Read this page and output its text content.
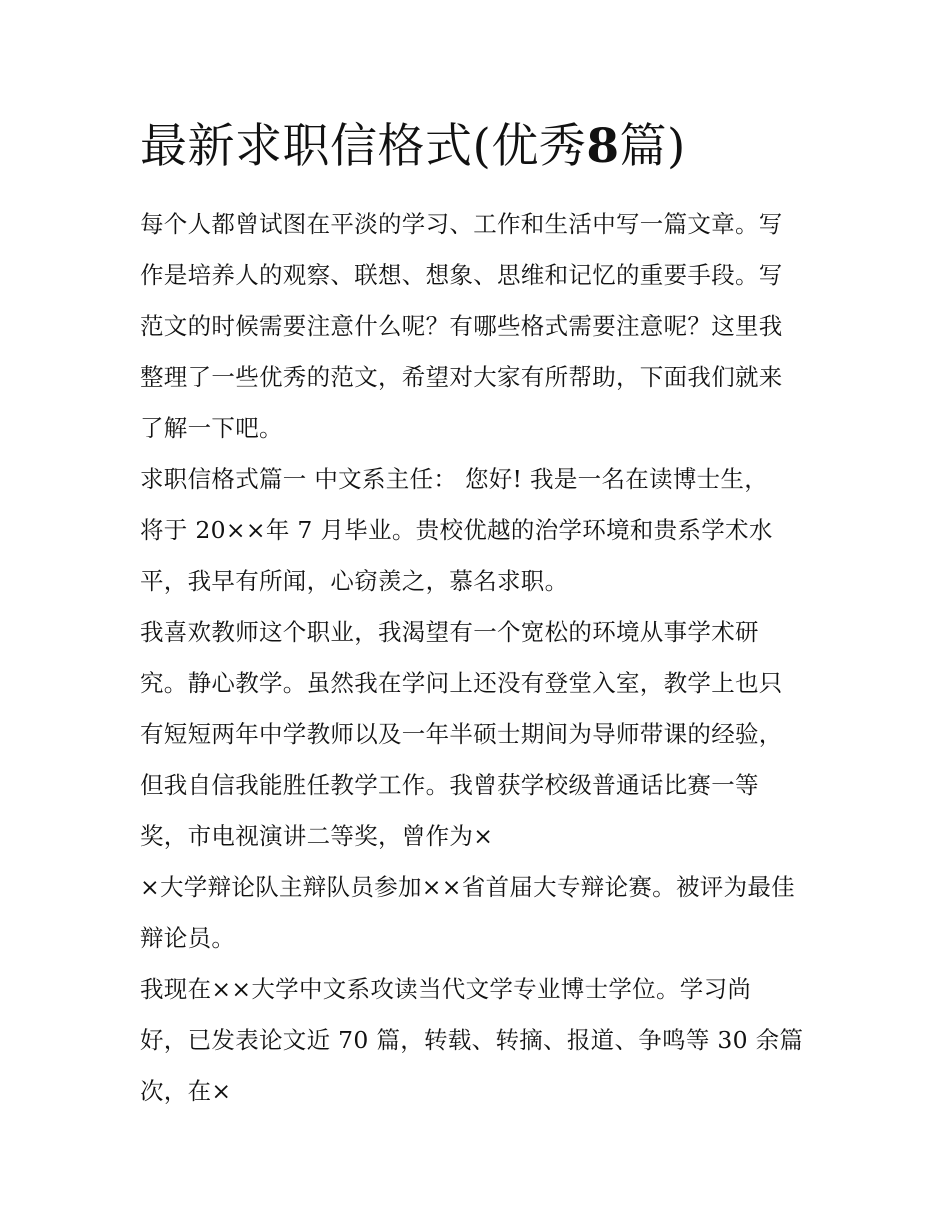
最新求职信格式(优秀8篇)
每个人都曾试图在平淡的学习、工作和生活中写一篇文章。写
作是培养人的观察、联想、想象、思维和记忆的重要手段。写
范文的时候需要注意什么呢？有哪些格式需要注意呢？这里我
整理了一些优秀的范文，希望对大家有所帮助，下面我们就来
了解一下吧。
求职信格式篇一 中文系主任： 您好! 我是一名在读博士生，
将于 20××年 7 月毕业。贵校优越的治学环境和贵系学术水
平，我早有所闻，心窃羡之，慕名求职。
我喜欢教师这个职业，我渴望有一个宽松的环境从事学术研
究。静心教学。虽然我在学问上还没有登堂入室，教学上也只
有短短两年中学教师以及一年半硕士期间为导师带课的经验，
但我自信我能胜任教学工作。我曾获学校级普通话比赛一等
奖，市电视演讲二等奖，曾作为×
×大学辩论队主辩队员参加××省首届大专辩论赛。被评为最佳
辩论员。
我现在××大学中文系攻读当代文学专业博士学位。学习尚
好，已发表论文近 70 篇，转载、转摘、报道、争鸣等 30 余篇
次，在×
